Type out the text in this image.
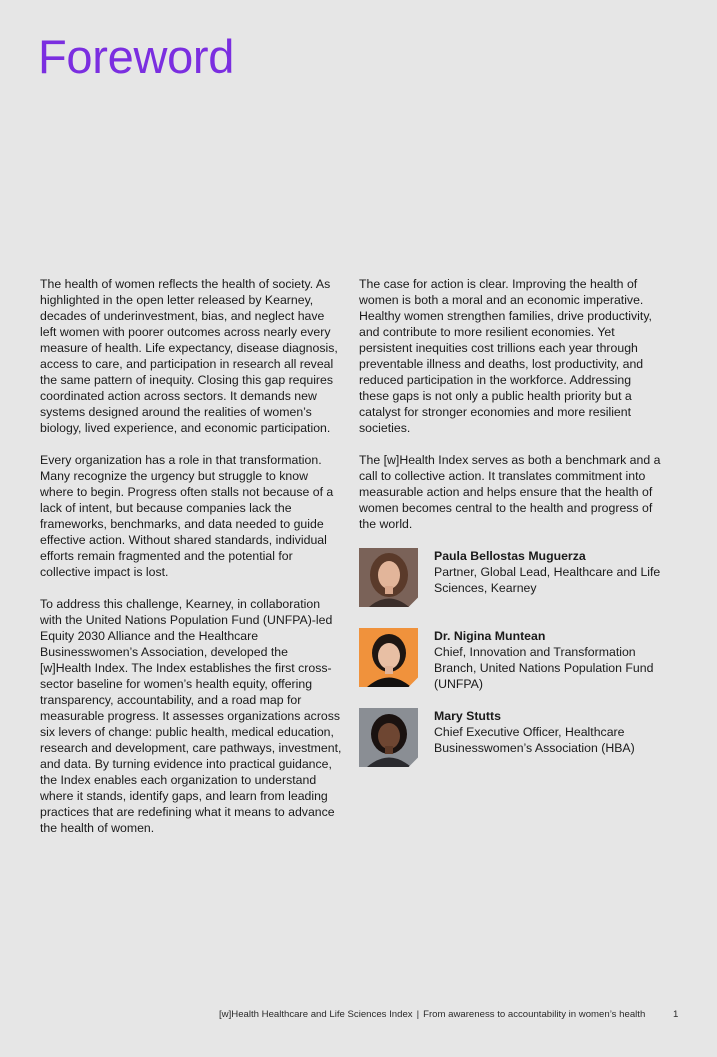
Foreword

The health of women reflects the health of society. As highlighted in the open letter released by Kearney, decades of underinvestment, bias, and neglect have left women with poorer outcomes across nearly every measure of health. Life expectancy, disease diagnosis, access to care, and participation in research all reveal the same pattern of inequity. Closing this gap requires coordinated action across sectors. It demands new systems designed around the realities of women’s biology, lived experience, and economic participation.

Every organization has a role in that transformation. Many recognize the urgency but struggle to know where to begin. Progress often stalls not because of a lack of intent, but because companies lack the frameworks, benchmarks, and data needed to guide effective action. Without shared standards, individual efforts remain fragmented and the potential for collective impact is lost.

To address this challenge, Kearney, in collaboration with the United Nations Population Fund (UNFPA)-led Equity 2030 Alliance and the Healthcare Businesswomen’s Association, developed the [w]Health Index. The Index establishes the first cross-sector baseline for women’s health equity, offering transparency, accountability, and a road map for measurable progress. It assesses organizations across six levers of change: public health, medical education, research and development, care pathways, investment, and data. By turning evidence into practical guidance, the Index enables each organization to understand where it stands, identify gaps, and learn from leading practices that are redefining what it means to advance the health of women.

The case for action is clear. Improving the health of women is both a moral and an economic imperative. Healthy women strengthen families, drive productivity, and contribute to more resilient economies. Yet persistent inequities cost trillions each year through preventable illness and deaths, lost productivity, and reduced participation in the workforce. Addressing these gaps is not only a public health priority but a catalyst for stronger economies and more resilient societies.

The [w]Health Index serves as both a benchmark and a call to collective action. It translates commitment into measurable action and helps ensure that the health of women becomes central to the health and progress of the world.

Paula Bellostas Muguerza
Partner, Global Lead, Healthcare and Life Sciences, Kearney
Dr. Nigina Muntean
Chief, Innovation and Transformation Branch, United Nations Population Fund (UNFPA)
Mary Stutts
Chief Executive Officer, Healthcare Businesswomen’s Association (HBA)
[w]Health Healthcare and Life Sciences Index | From awareness to accountability in women’s health	1
